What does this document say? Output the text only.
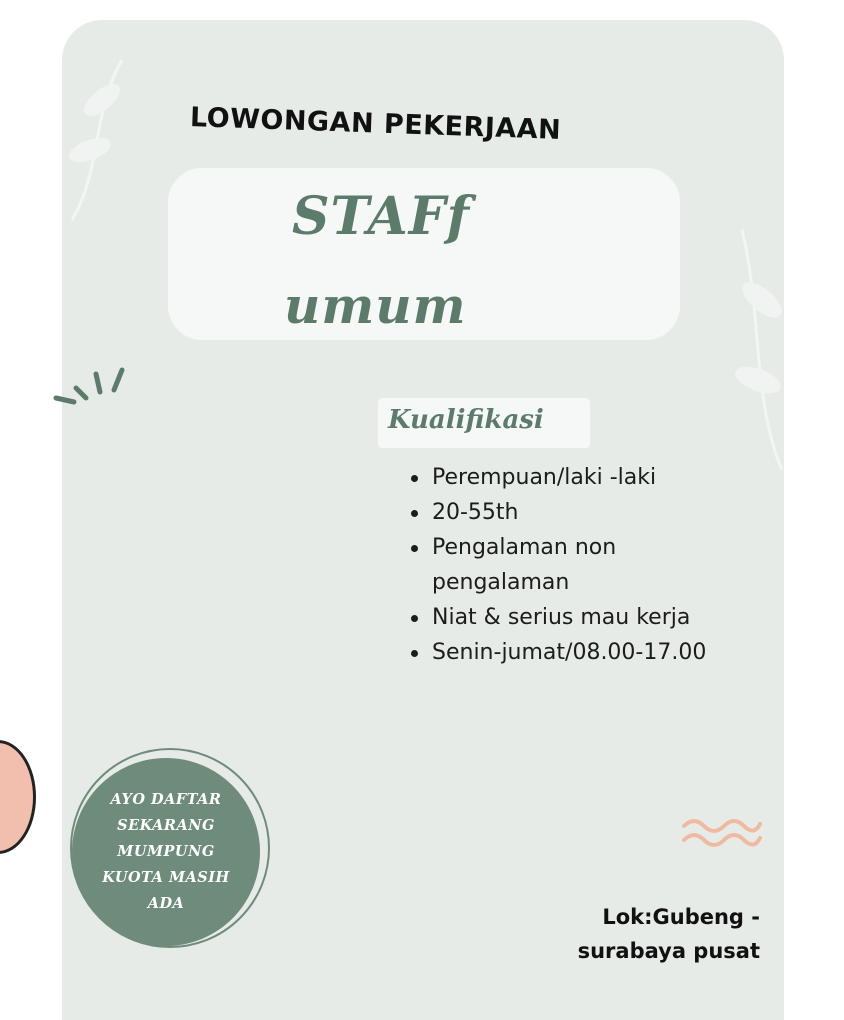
LOWONGAN PEKERJAAN
STAFf
umum
Kualifikasi
Perempuan/laki -laki
20-55th
Pengalaman non
pengalaman
Niat & serius mau kerja
Senin-jumat/08.00-17.00
AYO DAFTAR
SEKARANG
MUMPUNG
KUOTA MASIH
ADA
Lok:Gubeng -
surabaya pusat
